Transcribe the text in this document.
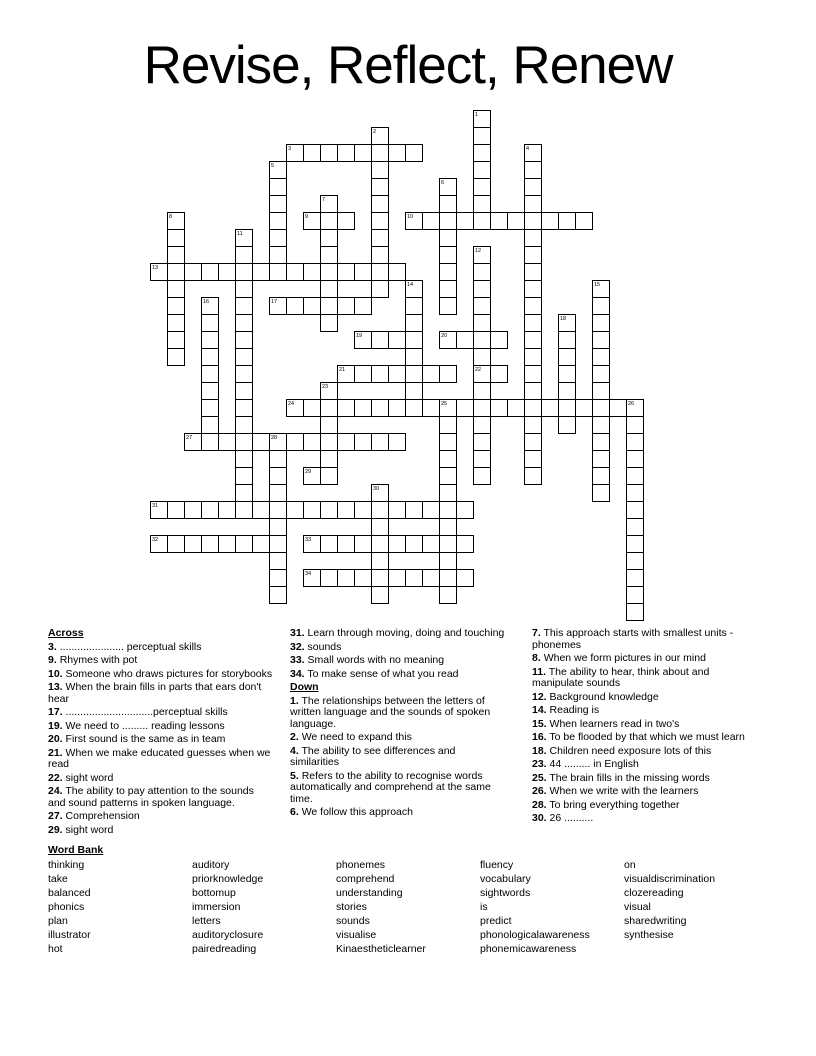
Revise, Reflect, Renew
1
2
3	4
5
6
7
8	9	10
11
12
13
14	15
16	17
18
19	20
21	22
23
24	25	26
27	28
29
30
31
32	33
34
Across
3. ...................... perceptual skills
9. Rhymes with pot
10. Someone who draws pictures for storybooks
13. When the brain fills in parts that ears don't
hear
17. ..............................perceptual skills
19. We need to ......... reading lessons
20. First sound is the same as in team
21. When we make educated guesses when we
read
22. sight word
24. The ability to pay attention to the sounds
and sound patterns in spoken language.
27. Comprehension
29. sight word
31. Learn through moving, doing and touching
32. sounds
33. Small words with no meaning
34. To make sense of what you read
Down
1. The relationships between the letters of
written language and the sounds of spoken
language.
2. We need to expand this
4. The ability to see differences and
similarities
5. Refers to the ability to recognise words
automatically and comprehend at the same
time.
6. We follow this approach
7. This approach starts with smallest units -
phonemes
8. When we form pictures in our mind
11. The ability to hear, think about and
manipulate sounds
12. Background knowledge
14. Reading is
15. When learners read in two's
16. To be flooded by that which we must learn
18. Children need exposure lots of this
23. 44 ......... in English
25. The brain fills in the missing words
26. When we write with the learners
28. To bring everything together
30. 26 ..........
Word Bank
thinking	auditory	phonemes	fluency	on
take	priorknowledge	comprehend	vocabulary	visualdiscrimination
balanced	bottomup	understanding	sightwords	clozereading
phonics	immersion	stories	is	visual
plan	letters	sounds	predict	sharedwriting
illustrator	auditoryclosure	visualise	phonologicalawareness	synthesise
hot	pairedreading	Kinaestheticlearner	phonemicawareness
